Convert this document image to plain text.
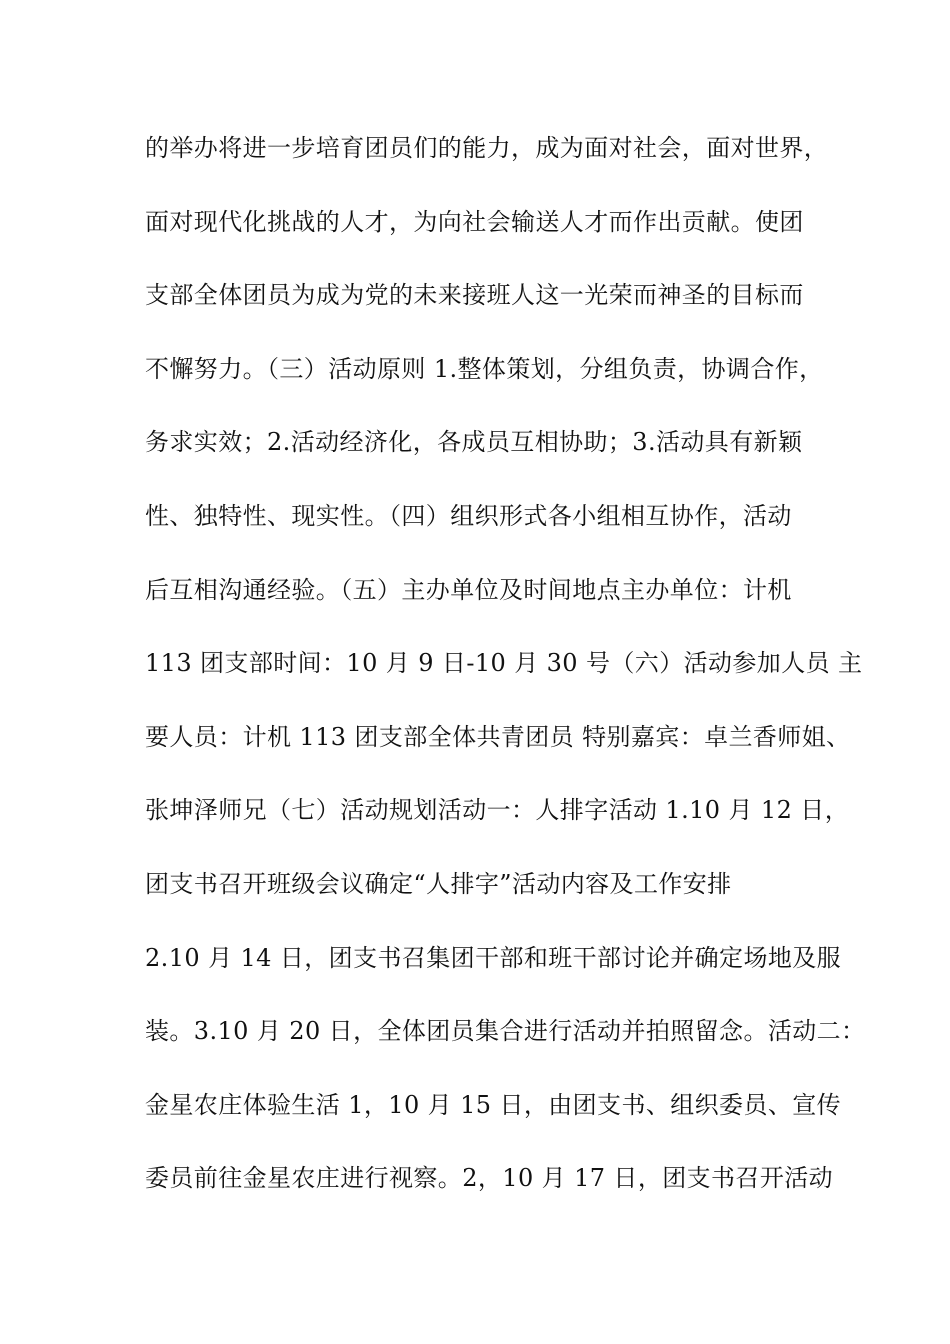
的举办将进一步培育团员们的能力，成为面对社会，面对世界，
面对现代化挑战的人才，为向社会输送人才而作出贡献。使团
支部全体团员为成为党的未来接班人这一光荣而神圣的目标而
不懈努力。（三）活动原则 1.整体策划，分组负责，协调合作，
务求实效；2.活动经济化，各成员互相协助；3.活动具有新颖
性、独特性、现实性。（四）组织形式各小组相互协作，活动
后互相沟通经验。（五）主办单位及时间地点主办单位：计机
113 团支部时间：10 月 9 日-10 月 30 号（六）活动参加人员 主
要人员：计机 113 团支部全体共青团员 特别嘉宾：卓兰香师姐、
张坤泽师兄（七）活动规划活动一：人排字活动 1.10 月 12 日，
团支书召开班级会议确定“人排字”活动内容及工作安排
2.10 月 14 日，团支书召集团干部和班干部讨论并确定场地及服
装。3.10 月 20 日，全体团员集合进行活动并拍照留念。活动二：
金星农庄体验生活 1，10 月 15 日，由团支书、组织委员、宣传
委员前往金星农庄进行视察。2，10 月 17 日，团支书召开活动
